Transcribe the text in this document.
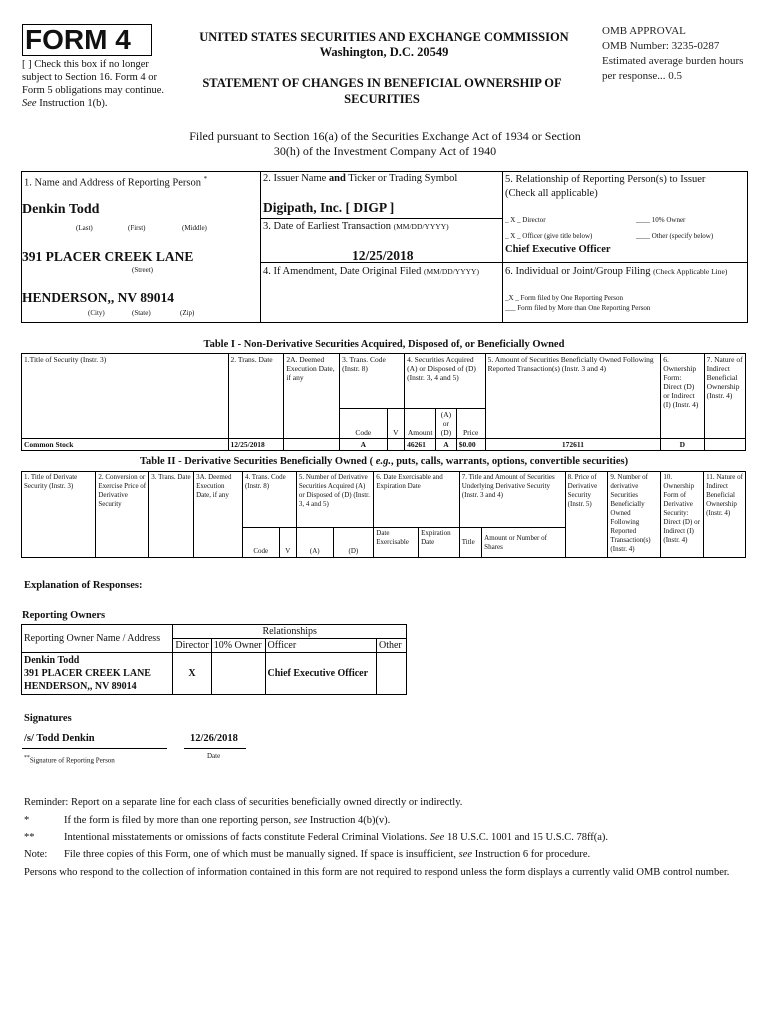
FORM 4
[ ] Check this box if no longer subject to Section 16. Form 4 or Form 5 obligations may continue. See Instruction 1(b).
UNITED STATES SECURITIES AND EXCHANGE COMMISSION
Washington, D.C. 20549
STATEMENT OF CHANGES IN BENEFICIAL OWNERSHIP OF SECURITIES
OMB APPROVAL
OMB Number: 3235-0287
Estimated average burden hours per response... 0.5
Filed pursuant to Section 16(a) of the Securities Exchange Act of 1934 or Section 30(h) of the Investment Company Act of 1940
1. Name and Address of Reporting Person *
Denkin Todd
(Last)	(First)	(Middle)
391 PLACER CREEK LANE
(Street)
HENDERSON,, NV 89014
(City)	(State)	(Zip)
2. Issuer Name and Ticker or Trading Symbol
Digipath, Inc. [ DIGP ]
3. Date of Earliest Transaction (MM/DD/YYYY)
12/25/2018
4. If Amendment, Date Original Filed (MM/DD/YYYY)
5. Relationship of Reporting Person(s) to Issuer
(Check all applicable)
_ X _ Director	____ 10% Owner
_ X _ Officer (give title below)	____ Other (specify below)
Chief Executive Officer
6. Individual or Joint/Group Filing (Check Applicable Line)
_X _ Form filed by One Reporting Person
___ Form filed by More than One Reporting Person
Table I - Non-Derivative Securities Acquired, Disposed of, or Beneficially Owned
1.Title of Security (Instr. 3)	2. Trans. Date	2A. Deemed Execution Date, if any	3. Trans. Code (Instr. 8)		4. Securities Acquired (A) or Disposed of (D) (Instr. 3, 4 and 5)			5. Amount of Securities Beneficially Owned Following Reported Transaction(s) (Instr. 3 and 4)	6. Ownership Form: Direct (D) or Indirect (I) (Instr. 4)	7. Nature of Indirect Beneficial Ownership (Instr. 4)
			Code	V	Amount	(A) or (D)	Price			
Common Stock	12/25/2018		A		46261	A	$0.00	172611	D	
Table II - Derivative Securities Beneficially Owned ( e.g., puts, calls, warrants, options, convertible securities)
1. Title of Derivate Security (Instr. 3)	2. Conversion or Exercise Price of Derivative Security	3. Trans. Date	3A. Deemed Execution Date, if any	4. Trans. Code (Instr. 8)		5. Number of Derivative Securities Acquired (A) or Disposed of (D) (Instr. 3, 4 and 5)		6. Date Exercisable and Expiration Date		7. Title and Amount of Securities Underlying Derivative Security (Instr. 3 and 4)		8. Price of Derivative Security (Instr. 5)	9. Number of derivative Securities Beneficially Owned Following Reported Transaction(s) (Instr. 4)	10. Ownership Form of Derivative Security: Direct (D) or Indirect (I) (Instr. 4)	11. Nature of Indirect Beneficial Ownership (Instr. 4)
				Code	V	(A)	(D)	Date Exercisable	Expiration Date	Title	Amount or Number of Shares				
Explanation of Responses:
Reporting Owners
Reporting Owner Name / Address	Relationships			
	Director	10% Owner	Officer	Other

Denkin Todd
391 PLACER CREEK LANE
HENDERSON,, NV 89014	X		Chief Executive Officer	
Signatures
/s/ Todd Denkin	12/26/2018
**Signature of Reporting Person
Date
Reminder: Report on a separate line for each class of securities beneficially owned directly or indirectly.
*	If the form is filed by more than one reporting person, see Instruction 4(b)(v).
**	Intentional misstatements or omissions of facts constitute Federal Criminal Violations. See 18 U.S.C. 1001 and 15 U.S.C. 78ff(a).
Note: File three copies of this Form, one of which must be manually signed. If space is insufficient, see Instruction 6 for procedure.
Persons who respond to the collection of information contained in this form are not required to respond unless the form displays a currently valid OMB control number.
